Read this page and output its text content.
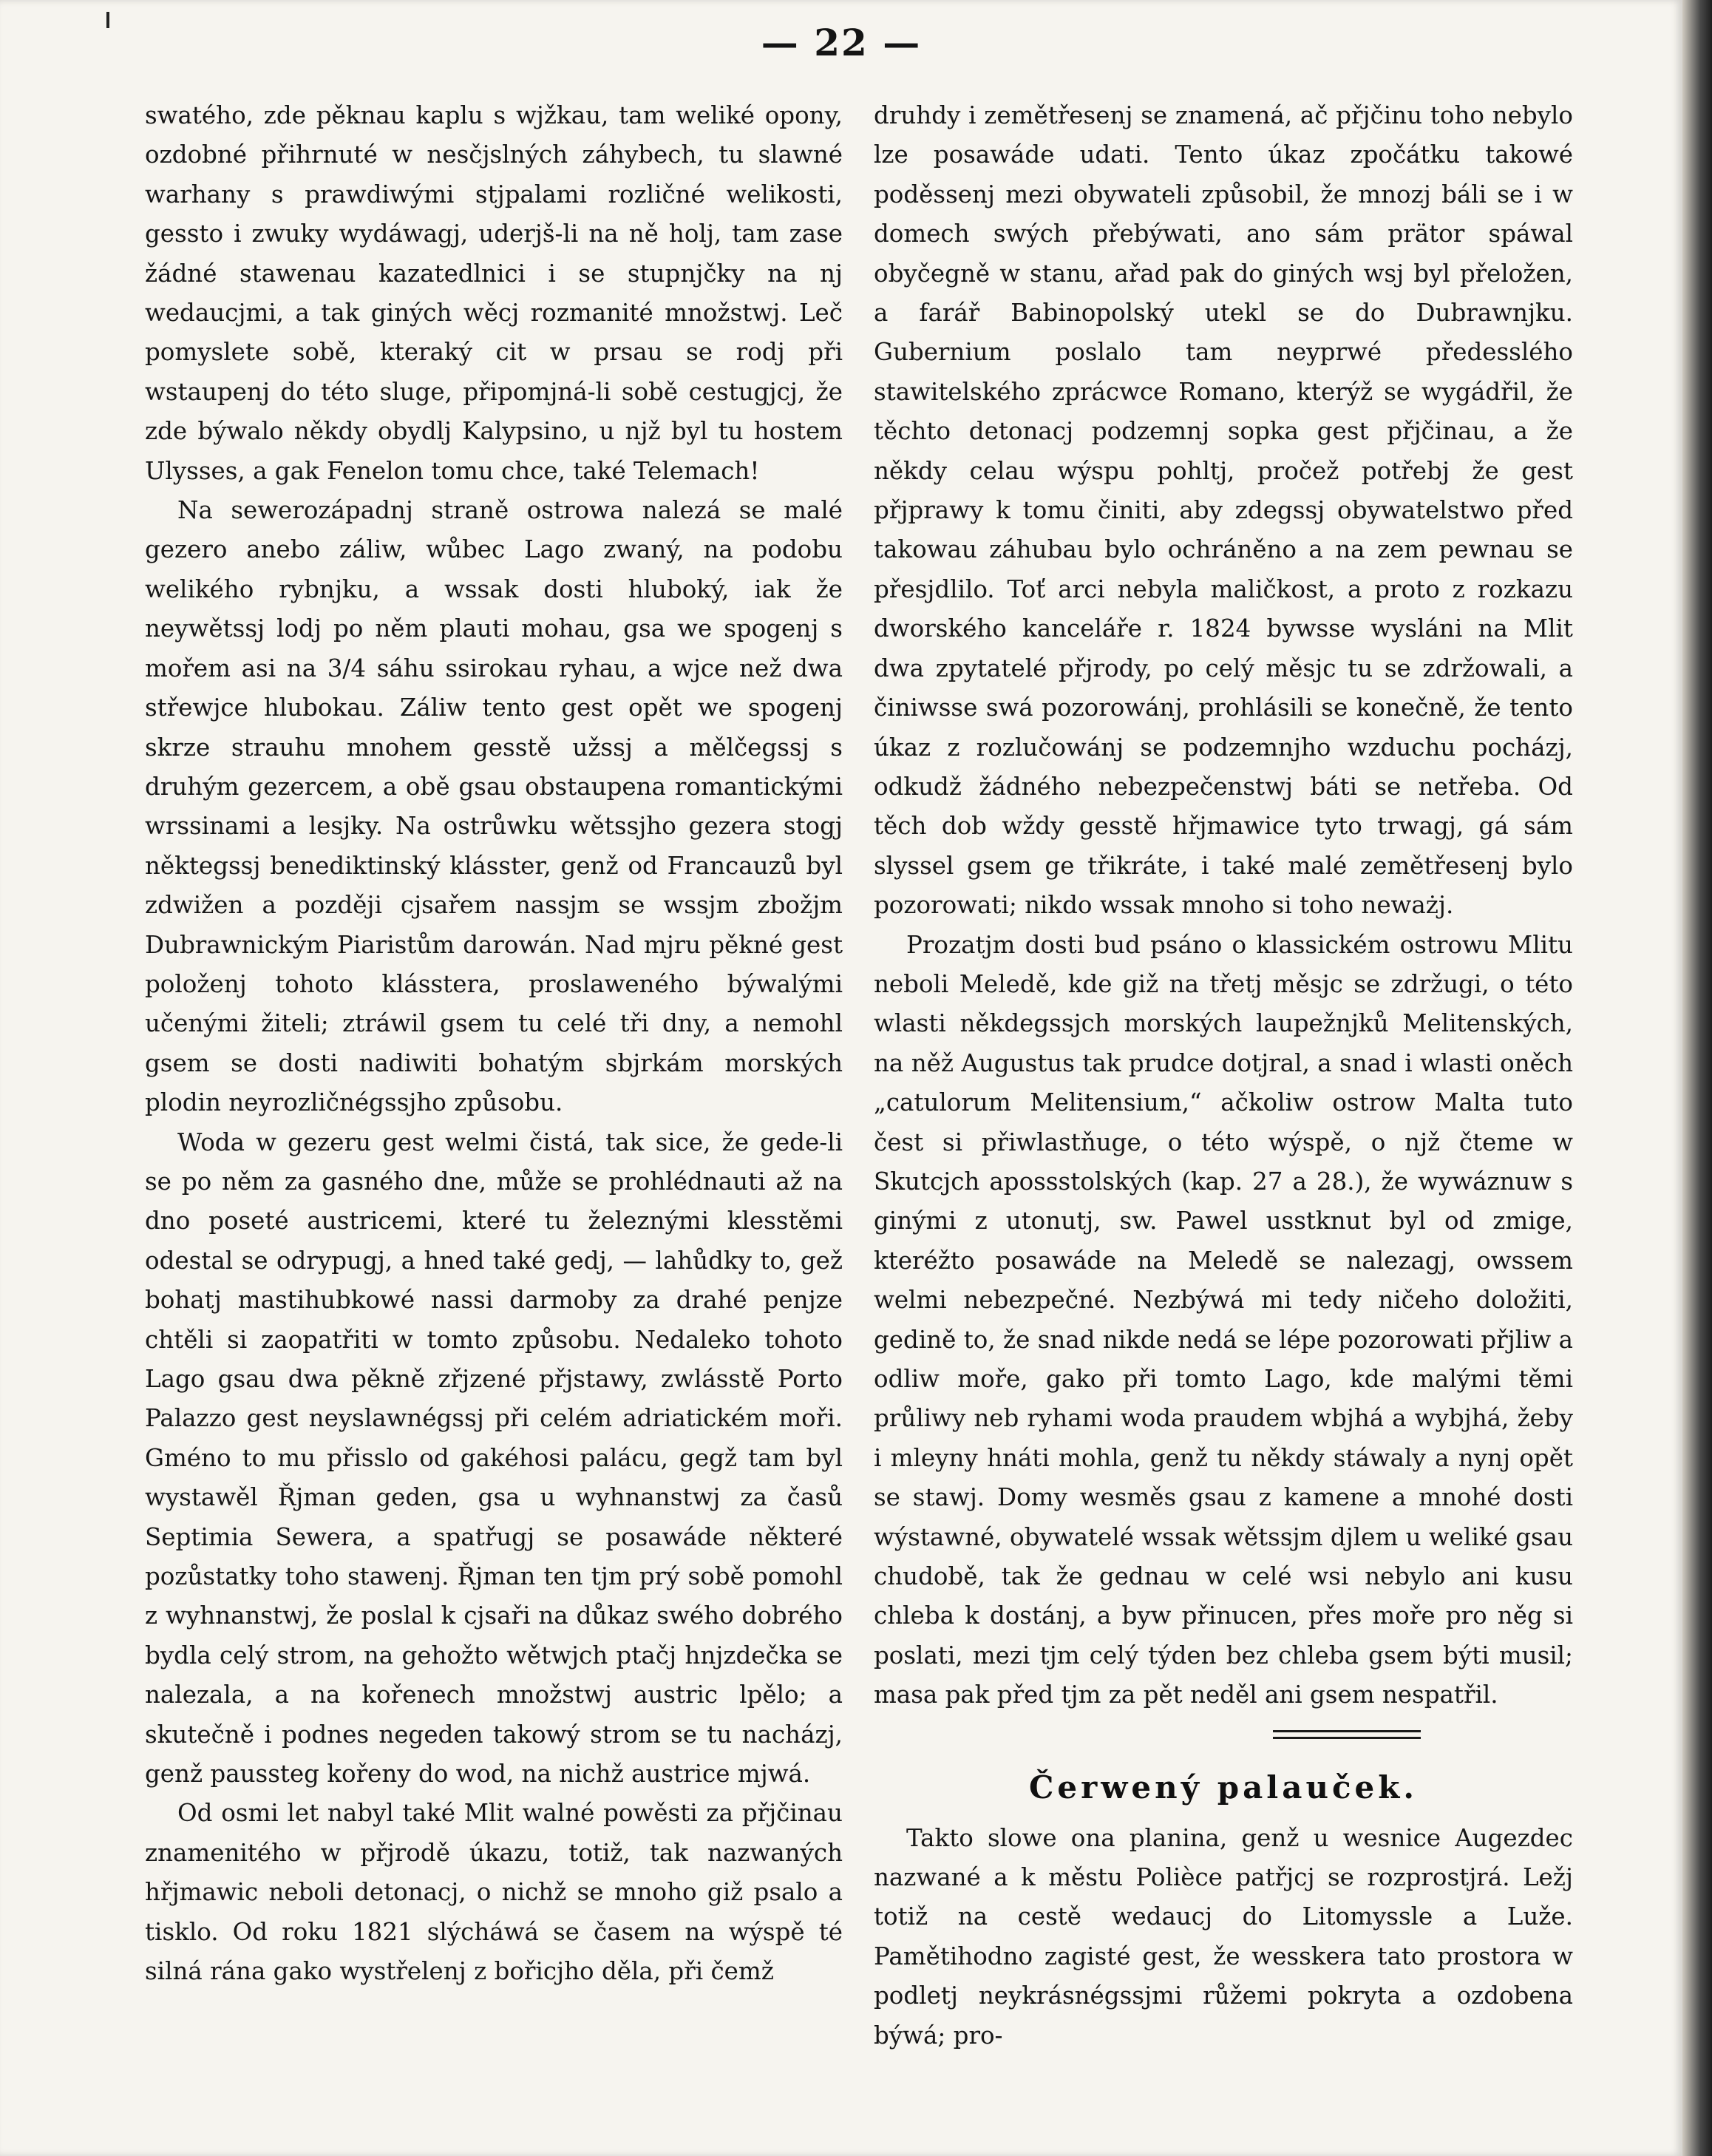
— 22 —

swatého, zde pěknau kaplu s wjžkau, tam weliké opony, ozdobné přihrnuté w nesčjslných záhybech, tu slawné warhany s prawdiwými stjpalami rozličné welikosti, gessto i zwuky wydáwagj, uderjš-li na ně holj, tam zase žádné stawenau kazatedlnici i se stupnjčky na nj wedaucjmi, a tak giných wěcj rozmanité množstwj. Leč pomyslete sobě, kteraký cit w prsau se rodj při wstaupenj do této sluge, připomjná-li sobě cestugjcj, že zde býwalo někdy obydlj Kalypsino, u njž byl tu hostem Ulysses, a gak Fenelon tomu chce, také Telemach!

Na sewerozápadnj straně ostrowa nalezá se malé gezero anebo záliw, wůbec Lago zwaný, na podobu welikého rybnjku, a wssak dosti hluboký, iak že neywětssj lodj po něm plauti mohau, gsa we spogenj s mořem asi na 3/4 sáhu ssirokau ryhau, a wjce než dwa střewjce hlubokau. Záliw tento gest opět we spogenj skrze strauhu mnohem gesstě užssj a mělčegssj s druhým gezercem, a obě gsau obstaupena romantickými wrssinami a lesjky. Na ostrůwku wětssjho gezera stogj něktegssj benediktinský klásster, genž od Francauzů byl zdwižen a později cjsařem nassjm se wssjm zbožjm Dubrawnickým Piaristům darowán. Nad mjru pěkné gest položenj tohoto klásstera, proslaweného býwalými učenými žiteli; ztráwil gsem tu celé tři dny, a nemohl gsem se dosti nadiwiti bohatým sbjrkám morských plodin neyrozličnégssjho způsobu.

Woda w gezeru gest welmi čistá, tak sice, že gede-li se po něm za gasného dne, může se prohlédnauti až na dno poseté austricemi, které tu železnými klesstěmi odestal se odrypugj, a hned také gedj, — lahůdky to, gež bohatj mastihubkowé nassi darmoby za drahé penjze chtěli si zaopatřiti w tomto způsobu. Nedaleko tohoto Lago gsau dwa pěkně zřjzené přjstawy, zwlásstě Porto Palazzo gest neyslawnégssj při celém adriatickém moři. Gméno to mu přisslo od gakéhosi palácu, gegž tam byl wystawěl Řjman geden, gsa u wyhnanstwj za časů Septimia Sewera, a spatřugj se posawáde některé pozůstatky toho stawenj. Řjman ten tjm prý sobě pomohl z wyhnanstwj, že poslal k cjsaři na důkaz swého dobrého bydla celý strom, na gehožto wětwjch ptačj hnjzdečka se nalezala, a na kořenech množstwj austric lpělo; a skutečně i podnes negeden takowý strom se tu nacházj, genž paussteg kořeny do wod, na nichž austrice mjwá.

Od osmi let nabyl také Mlit walné powěsti za přjčinau znamenitého w přjrodě úkazu, totiž, tak nazwaných hřjmawic neboli detonacj, o nichž se mnoho giž psalo a tisklo. Od roku 1821 slýcháwá se časem na wýspě té silná rána gako wystřelenj z bořicjho děla, při čemž

druhdy i zemětřesenj se znamená, ač přjčinu toho nebylo lze posawáde udati. Tento úkaz zpočátku takowé poděssenj mezi obywateli způsobil, že mnozj báli se i w domech swých přebýwati, ano sám prätor spáwal obyčegně w stanu, ařad pak do giných wsj byl přeložen, a farář Babinopolský utekl se do Dubrawnjku. Gubernium poslalo tam neyprwé předesslého stawitelského zprácwce Romano, kterýž se wygádřil, že těchto detonacj podzemnj sopka gest přjčinau, a že někdy celau wýspu pohltj, pročež potřebj že gest přjprawy k tomu činiti, aby zdegssj obywatelstwo před takowau záhubau bylo ochráněno a na zem pewnau se přesjdlilo. Toť arci nebyla maličkost, a proto z rozkazu dworského kanceláře r. 1824 bywsse wysláni na Mlit dwa zpytatelé přjrody, po celý měsjc tu se zdržowali, a činiwsse swá pozorowánj, prohlásili se konečně, že tento úkaz z rozlučowánj se podzemnjho wzduchu pocházj, odkudž žádného nebezpečenstwj báti se netřeba. Od těch dob wždy gesstě hřjmawice tyto trwagj, gá sám slyssel gsem ge třikráte, i také malé zemětřesenj bylo pozorowati; nikdo wssak mnoho si toho neważj.

Prozatjm dosti bud psáno o klassickém ostrowu Mlitu neboli Meledě, kde giž na třetj měsjc se zdržugi, o této wlasti někdegssjch morských laupežnjků Melitenských, na něž Augustus tak prudce dotjral, a snad i wlasti oněch „catulorum Melitensium,“ ačkoliw ostrow Malta tuto čest si přiwlastňuge, o této wýspě, o njž čteme w Skutcjch apossstolských (kap. 27 a 28.), že wywáznuw s ginými z utonutj, sw. Pawel usstknut byl od zmige, kteréžto posawáde na Meledě se nalezagj, owssem welmi nebezpečné. Nezbýwá mi tedy ničeho doložiti, gedině to, že snad nikde nedá se lépe pozorowati přjliw a odliw moře, gako při tomto Lago, kde malými těmi průliwy neb ryhami woda praudem wbjhá a wybjhá, žeby i mleyny hnáti mohla, genž tu někdy stáwaly a nynj opět se stawj. Domy wesměs gsau z kamene a mnohé dosti wýstawné, obywatelé wssak wětssjm djlem u weliké gsau chudobě, tak že gednau w celé wsi nebylo ani kusu chleba k dostánj, a byw přinucen, přes moře pro něg si poslati, mezi tjm celý týden bez chleba gsem býti musil; masa pak před tjm za pět neděl ani gsem nespatřil.

Čerwený palauček.

Takto slowe ona planina, genž u wesnice Augezdec nazwané a k městu Polièce patřjcj se rozprostjrá. Ležj totiž na cestě wedaucj do Litomyssle a Luže. Pamětihodno zagisté gest, že wesskera tato prostora w podletj neykrásnégssjmi růžemi pokryta a ozdobena býwá; pro-
